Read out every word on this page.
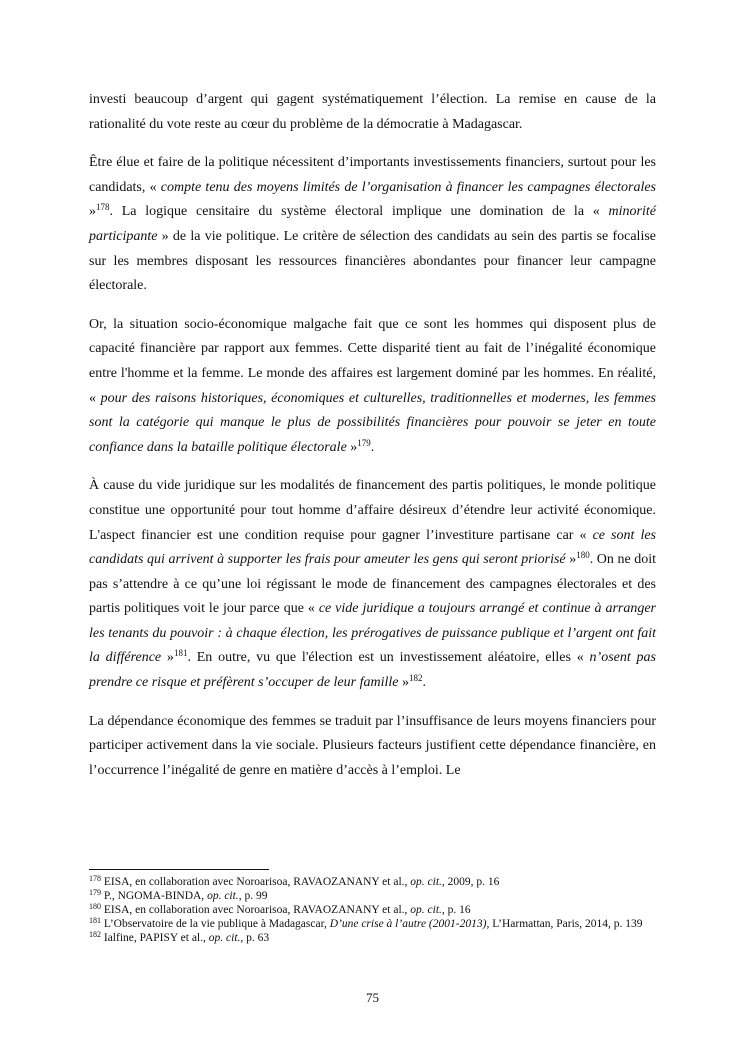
investi beaucoup d’argent qui gagent systématiquement l’élection. La remise en cause de la rationalité du vote reste au cœur du problème de la démocratie à Madagascar.

Être élue et faire de la politique nécessitent d’importants investissements financiers, surtout pour les candidats, « compte tenu des moyens limités de l’organisation à financer les campagnes électorales »$^{178}$. La logique censitaire du système électoral implique une domination de la « minorité participante » de la vie politique. Le critère de sélection des candidats au sein des partis se focalise sur les membres disposant les ressources financières abondantes pour financer leur campagne électorale.

Or, la situation socio-économique malgache fait que ce sont les hommes qui disposent plus de capacité financière par rapport aux femmes. Cette disparité tient au fait de l’inégalité économique entre l'homme et la femme. Le monde des affaires est largement dominé par les hommes. En réalité, « pour des raisons historiques, économiques et culturelles, traditionnelles et modernes, les femmes sont la catégorie qui manque le plus de possibilités financières pour pouvoir se jeter en toute confiance dans la bataille politique électorale »$^{179}$.

À cause du vide juridique sur les modalités de financement des partis politiques, le monde politique constitue une opportunité pour tout homme d’affaire désireux d’étendre leur activité économique. L'aspect financier est une condition requise pour gagner l’investiture partisane car « ce sont les candidats qui arrivent à supporter les frais pour ameuter les gens qui seront priorisé »$^{180}$. On ne doit pas s’attendre à ce qu’une loi régissant le mode de financement des campagnes électorales et des partis politiques voit le jour parce que « ce vide juridique a toujours arrangé et continue à arranger les tenants du pouvoir : à chaque élection, les prérogatives de puissance publique et l’argent ont fait la différence »$^{181}$. En outre, vu que l'élection est un investissement aléatoire, elles « n’osent pas prendre ce risque et préfèrent s’occuper de leur famille »$^{182}$.

La dépendance économique des femmes se traduit par l’insuffisance de leurs moyens financiers pour participer activement dans la vie sociale. Plusieurs facteurs justifient cette dépendance financière, en l’occurrence l’inégalité de genre en matière d’accès à l’emploi. Le

$^{178}$ EISA, en collaboration avec Noroarisoa, RAVAOZANANY et al., op. cit., 2009, p. 16

$^{179}$ P., NGOMA-BINDA, op. cit., p. 99

$^{180}$ EISA, en collaboration avec Noroarisoa, RAVAOZANANY et al., op. cit., p. 16

$^{181}$ L’Observatoire de la vie publique à Madagascar, D’une crise à l’autre (2001-2013), L’Harmattan, Paris, 2014, p. 139

$^{182}$ Ialfine, PAPISY et al., op. cit., p. 63

75
